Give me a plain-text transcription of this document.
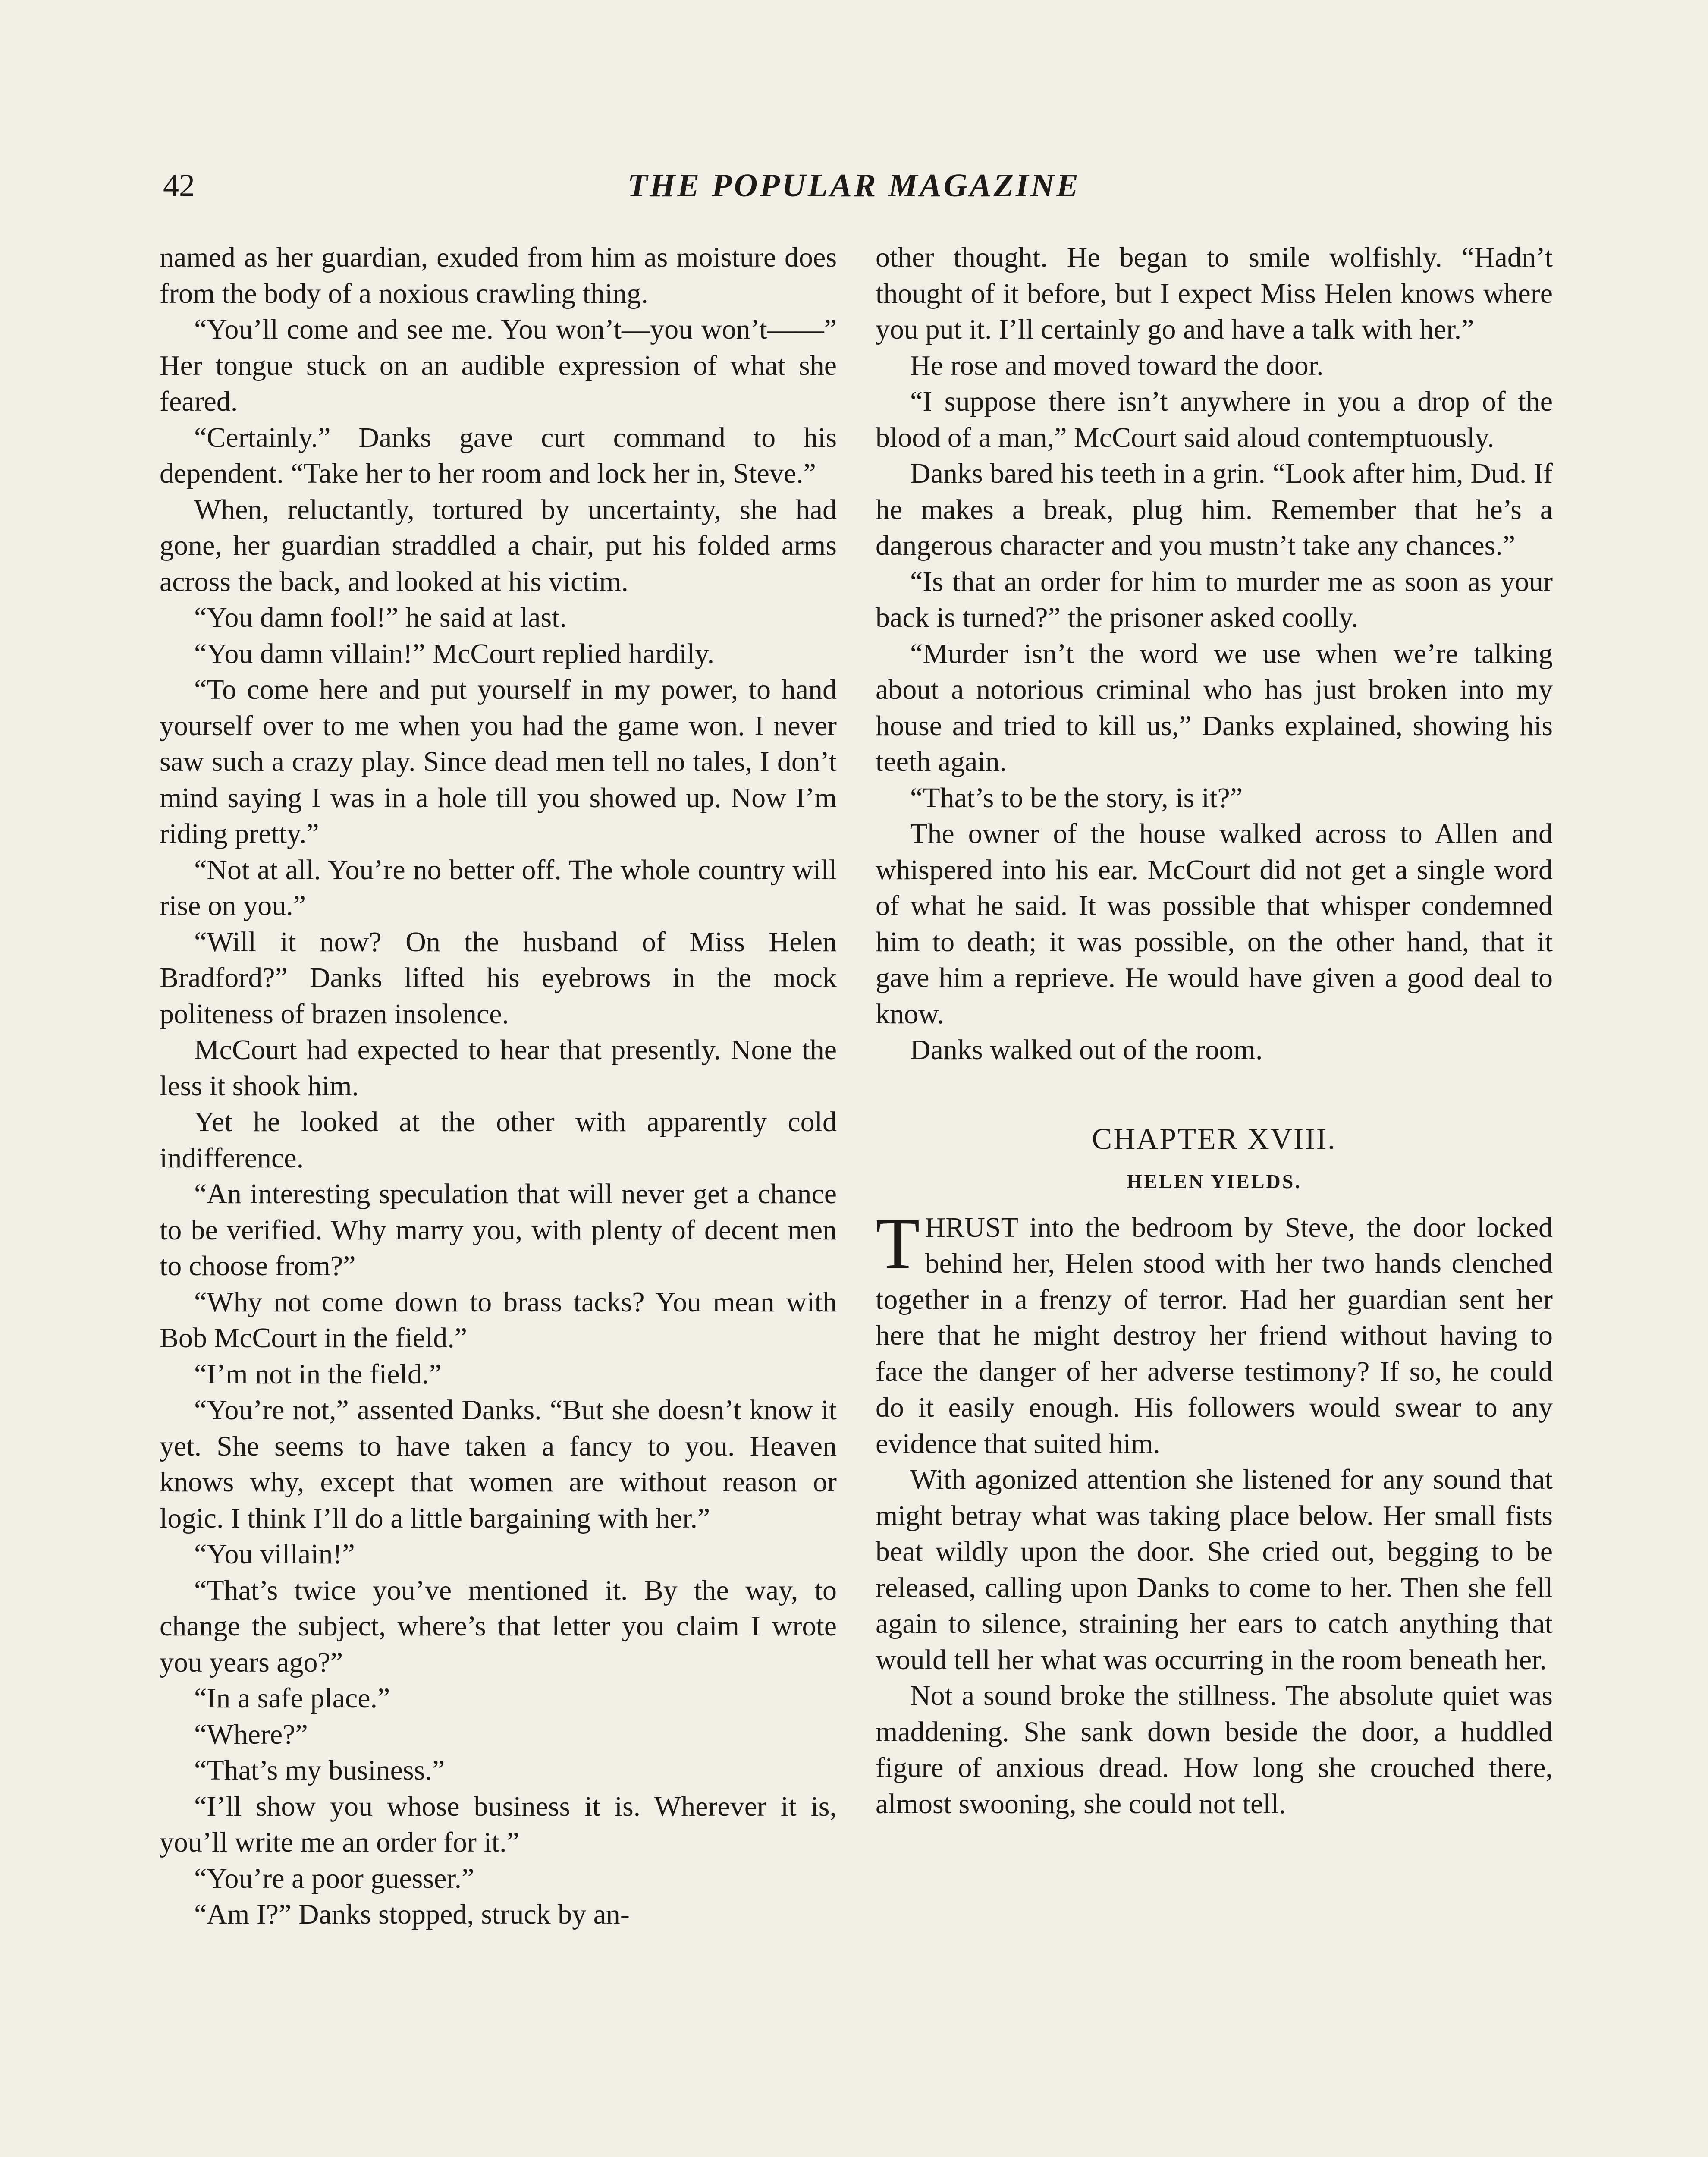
42	THE POPULAR MAGAZINE

named as her guardian, exuded from him as moisture does from the body of a noxious crawling thing.

“You’ll come and see me. You won’t—you won’t——” Her tongue stuck on an audible expression of what she feared.

“Certainly.” Danks gave curt command to his dependent. “Take her to her room and lock her in, Steve.”

When, reluctantly, tortured by uncertainty, she had gone, her guardian straddled a chair, put his folded arms across the back, and looked at his victim.

“You damn fool!” he said at last.

“You damn villain!” McCourt replied hardily.

“To come here and put yourself in my power, to hand yourself over to me when you had the game won. I never saw such a crazy play. Since dead men tell no tales, I don’t mind saying I was in a hole till you showed up. Now I’m riding pretty.”

“Not at all. You’re no better off. The whole country will rise on you.”

“Will it now? On the husband of Miss Helen Bradford?” Danks lifted his eyebrows in the mock politeness of brazen insolence.

McCourt had expected to hear that presently. None the less it shook him.

Yet he looked at the other with apparently cold indifference.

“An interesting speculation that will never get a chance to be verified. Why marry you, with plenty of decent men to choose from?”

“Why not come down to brass tacks? You mean with Bob McCourt in the field.”

“I’m not in the field.”

“You’re not,” assented Danks. “But she doesn’t know it yet. She seems to have taken a fancy to you. Heaven knows why, except that women are without reason or logic. I think I’ll do a little bargaining with her.”

“You villain!”

“That’s twice you’ve mentioned it. By the way, to change the subject, where’s that letter you claim I wrote you years ago?”

“In a safe place.”

“Where?”

“That’s my business.”

“I’ll show you whose business it is. Wherever it is, you’ll write me an order for it.”

“You’re a poor guesser.”

“Am I?” Danks stopped, struck by an-

other thought. He began to smile wolfishly. “Hadn’t thought of it before, but I expect Miss Helen knows where you put it. I’ll certainly go and have a talk with her.”

He rose and moved toward the door.

“I suppose there isn’t anywhere in you a drop of the blood of a man,” McCourt said aloud contemptuously.

Danks bared his teeth in a grin. “Look after him, Dud. If he makes a break, plug him. Remember that he’s a dangerous character and you mustn’t take any chances.”

“Is that an order for him to murder me as soon as your back is turned?” the prisoner asked coolly.

“Murder isn’t the word we use when we’re talking about a notorious criminal who has just broken into my house and tried to kill us,” Danks explained, showing his teeth again.

“That’s to be the story, is it?”

The owner of the house walked across to Allen and whispered into his ear. McCourt did not get a single word of what he said. It was possible that whisper condemned him to death; it was possible, on the other hand, that it gave him a reprieve. He would have given a good deal to know.

Danks walked out of the room.

CHAPTER XVIII.
HELEN YIELDS.

THRUST into the bedroom by Steve, the door locked behind her, Helen stood with her two hands clenched together in a frenzy of terror. Had her guardian sent her here that he might destroy her friend without having to face the danger of her adverse testimony? If so, he could do it easily enough. His followers would swear to any evidence that suited him.

With agonized attention she listened for any sound that might betray what was taking place below. Her small fists beat wildly upon the door. She cried out, begging to be released, calling upon Danks to come to her. Then she fell again to silence, straining her ears to catch anything that would tell her what was occurring in the room beneath her.

Not a sound broke the stillness. The absolute quiet was maddening. She sank down beside the door, a huddled figure of anxious dread. How long she crouched there, almost swooning, she could not tell.
